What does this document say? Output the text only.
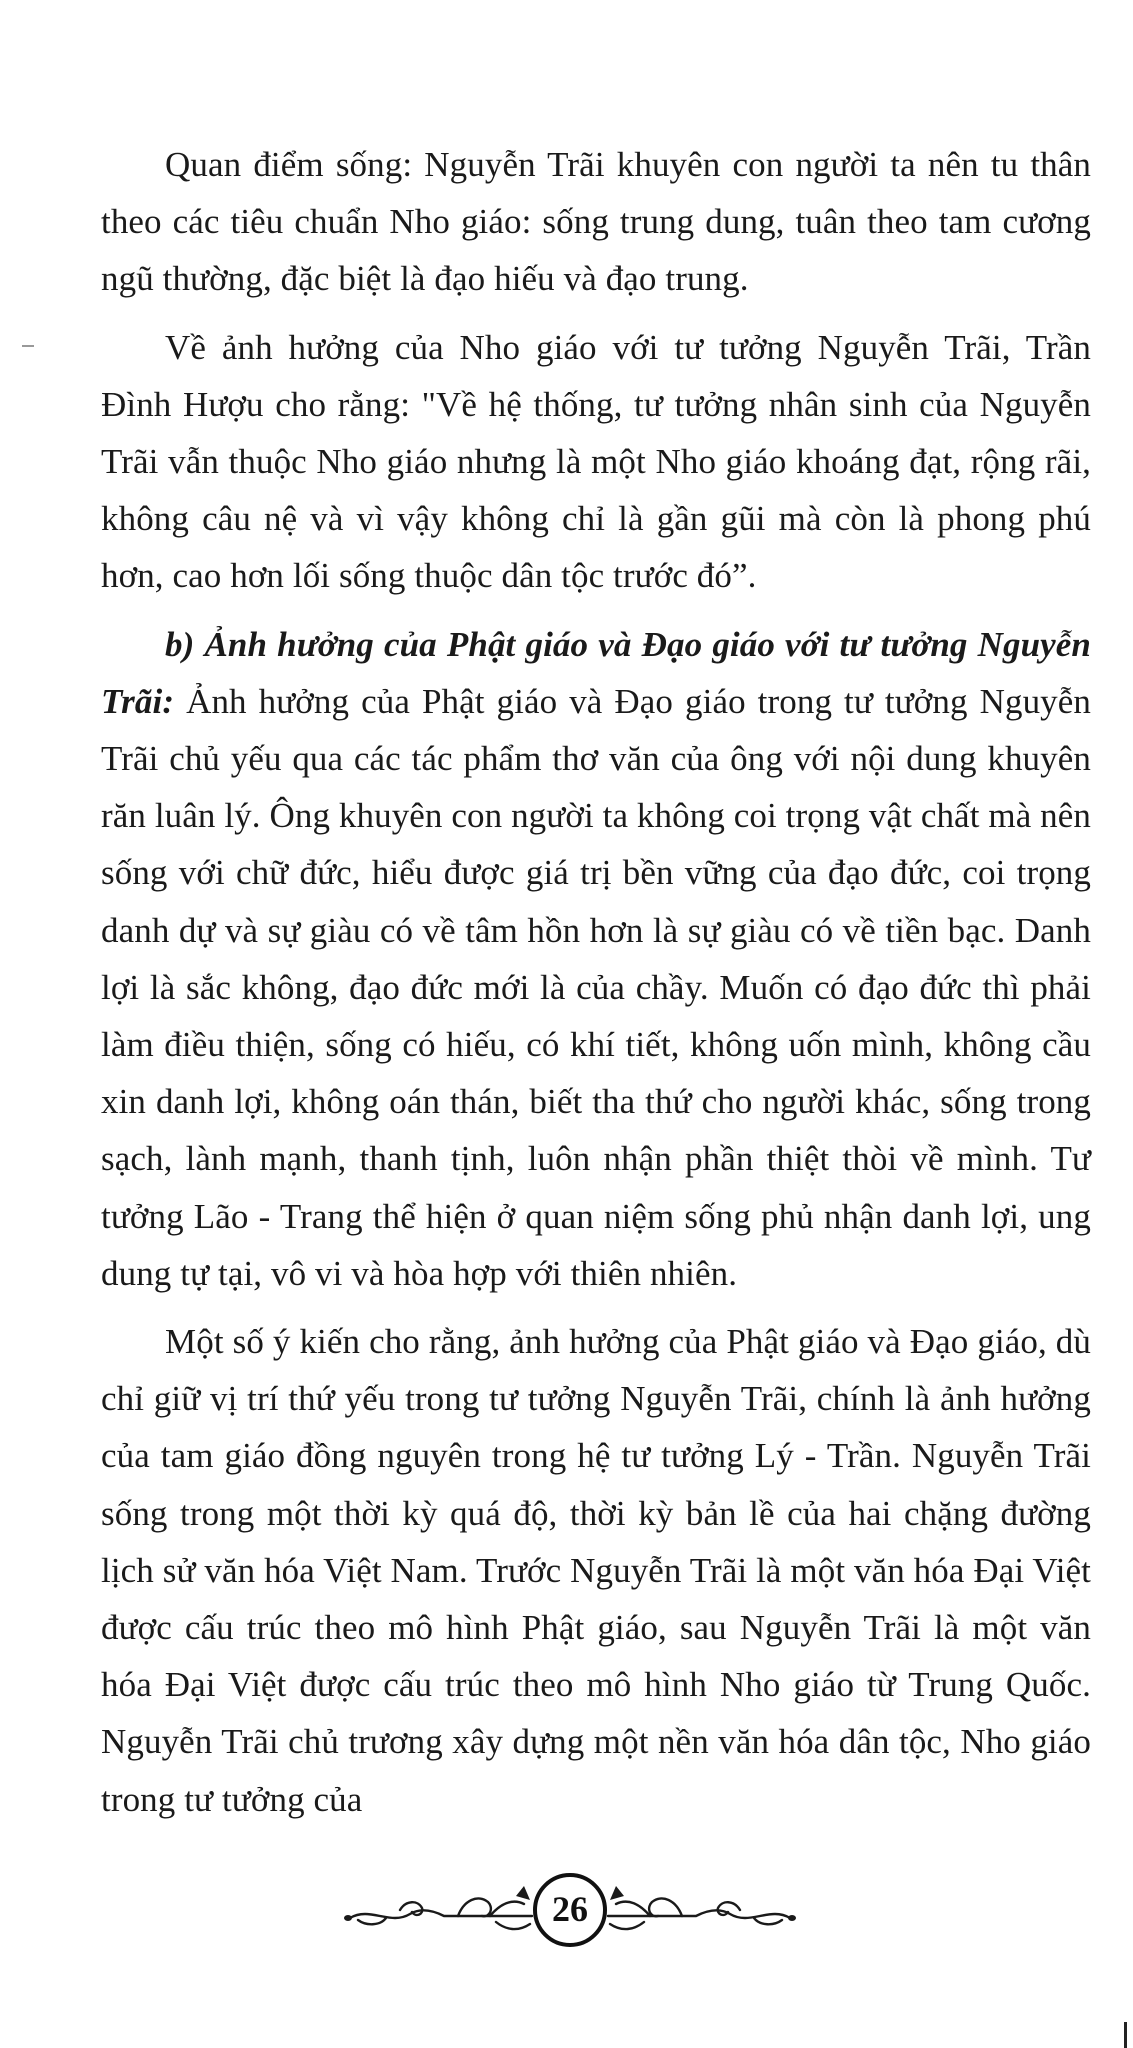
Quan điểm sống: Nguyễn Trãi khuyên con người ta nên tu thân theo các tiêu chuẩn Nho giáo: sống trung dung, tuân theo tam cương ngũ thường, đặc biệt là đạo hiếu và đạo trung.

Về ảnh hưởng của Nho giáo với tư tưởng Nguyễn Trãi, Trần Đình Hượu cho rằng: "Về hệ thống, tư tưởng nhân sinh của Nguyễn Trãi vẫn thuộc Nho giáo nhưng là một Nho giáo khoáng đạt, rộng rãi, không câu nệ và vì vậy không chỉ là gần gũi mà còn là phong phú hơn, cao hơn lối sống thuộc dân tộc trước đó”.

b) Ảnh hưởng của Phật giáo và Đạo giáo với tư tưởng Nguyễn Trãi: Ảnh hưởng của Phật giáo và Đạo giáo trong tư tưởng Nguyễn Trãi chủ yếu qua các tác phẩm thơ văn của ông với nội dung khuyên răn luân lý. Ông khuyên con người ta không coi trọng vật chất mà nên sống với chữ đức, hiểu được giá trị bền vững của đạo đức, coi trọng danh dự và sự giàu có về tâm hồn hơn là sự giàu có về tiền bạc. Danh lợi là sắc không, đạo đức mới là của chầy. Muốn có đạo đức thì phải làm điều thiện, sống có hiếu, có khí tiết, không uốn mình, không cầu xin danh lợi, không oán thán, biết tha thứ cho người khác, sống trong sạch, lành mạnh, thanh tịnh, luôn nhận phần thiệt thòi về mình. Tư tưởng Lão - Trang thể hiện ở quan niệm sống phủ nhận danh lợi, ung dung tự tại, vô vi và hòa hợp với thiên nhiên.

Một số ý kiến cho rằng, ảnh hưởng của Phật giáo và Đạo giáo, dù chỉ giữ vị trí thứ yếu trong tư tưởng Nguyễn Trãi, chính là ảnh hưởng của tam giáo đồng nguyên trong hệ tư tưởng Lý - Trần. Nguyễn Trãi sống trong một thời kỳ quá độ, thời kỳ bản lề của hai chặng đường lịch sử văn hóa Việt Nam. Trước Nguyễn Trãi là một văn hóa Đại Việt được cấu trúc theo mô hình Phật giáo, sau Nguyễn Trãi là một văn hóa Đại Việt được cấu trúc theo mô hình Nho giáo từ Trung Quốc. Nguyễn Trãi chủ trương xây dựng một nền văn hóa dân tộc, Nho giáo trong tư tưởng của

26
